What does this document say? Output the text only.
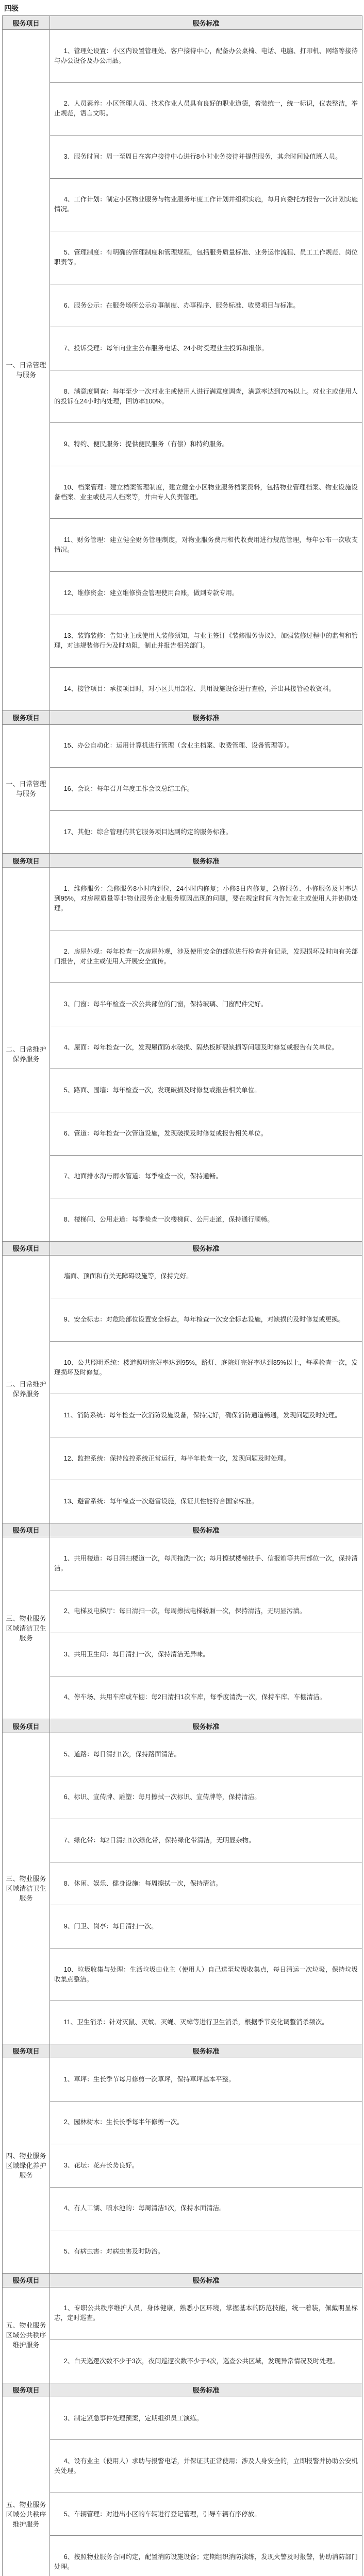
四级
服务项目	服务标准
一、日常管理与服务	1、管理处设置：小区内设置管理处、客户接待中心，配备办公桌椅、电话、电脑、打印机、网络等接待与办公设备及办公用品。
	2、人员素养：小区管理人员、技术作业人员具有良好的职业道德，着装统一，统一标识，仪表整洁，举止规范，语言文明。
	3、服务时间：周一至周日在客户接待中心进行8小时业务接待并提供服务，其余时间设值班人员。
	4、工作计划：制定小区物业服务与物业服务年度工作计划并组织实施，每月向委托方报告一次计划实施情况。
	5、管理制度：有明确的管理制度和管理规程，包括服务质量标准、业务运作流程、员工工作规范、岗位职责等。
	6、服务公示：在服务场所公示办事制度、办事程序、服务标准、收费项目与标准。
	7、投诉受理：每年向业主公布服务电话、24小时受理业主投诉和报修。
	8、满意度调查：每年至少一次对业主或使用人进行满意度调查，满意率达到70%以上。对业主或使用人的投诉在24小时内处理，回访率100%。
	9、特约、便民服务：提供便民服务（有偿）和特约服务。
	10、档案管理：建立档案管理制度，建立健全小区物业服务档案资料，包括物业管理档案、物业设施设备档案、业主或使用人档案等，并由专人负责管理。
	11、财务管理：建立健全财务管理制度，对物业服务费用和代收费用进行规范管理，每年公布一次收支情况。
	12、维修资金：建立维修资金管理使用台账，做到专款专用。
	13、装饰装修：告知业主或使用人装修须知，与业主签订《装修服务协议》，加强装修过程中的监督和管理，对违规装修行为及时劝阻，制止并报告相关部门。
	14、接管项目：承接项目时，对小区共用部位、共用设施设备进行查验，并出具接管验收资料。
服务项目	服务标准
一、日常管理与服务	15、办公自动化：运用计算机进行管理（含业主档案、收费管理、设备管理等）。
	16、会议：每年召开年度工作会议总结工作。
	17、其他：综合管理的其它服务项目达到约定的服务标准。
服务项目	服务标准
二、日常维护保养服务	1、维修服务：急修服务8小时内到位，24小时内修复；小修3日内修复，急修服务、小修服务及时率达到95%，对房屋质量等非物业服务企业服务原因出现的问题，要在规定时间内告知业主或使用人并协助处理。
	2、房屋外观：每年检查一次房屋外观，涉及使用安全的部位进行检查并有记录，发现损坏及时向有关部门报告，对业主或使用人开展安全宣传。
	3、门窗：每半年检查一次公共部位的门窗，保持玻璃、门窗配件完好。
	4、屋面：每年检查一次，发现屋面防水破损、隔热板断裂缺损等问题及时修复或报告有关单位。
	5、路面、围墙：每年检查一次，发现破损及时修复或报告相关单位。
	6、管道：每年检查一次管道设施，发现破损及时修复或报告相关单位。
	7、地面排水沟与雨水管道：每季检查一次，保持通畅。
	8、楼梯间、公用走道：每季检查一次楼梯间、公用走道，保持通行顺畅。
服务项目	服务标准
二、日常维护保养服务	墙面、顶面和有关无障碍设施等，保持完好。
	9、安全标志：对危险部位设置安全标志，每年检查一次安全标志设施，对缺损的及时修复或更换。
	10、公共照明系统：楼道照明完好率达到95%，路灯、庭院灯完好率达到85%以上，每季检查一次，发现损坏及时修复。
	11、消防系统：每年检查一次消防设施设备，保持完好，确保消防通道畅通，发现问题及时处理。
	12、监控系统：保持监控系统正常运行，每半年检查一次，发现问题及时处理。
	13、避雷系统：每年检查一次避雷设施，保证其性能符合国家标准。
服务项目	服务标准
三、物业服务区域清洁卫生服务	1、共用楼道：每日清扫楼道一次，每周拖洗一次；每月擦拭楼梯扶手、信报箱等共用部位一次，保持清洁。
	2、电梯及电梯厅：每日清扫一次，每周擦拭电梯轿厢一次，保持清洁，无明显污渍。
	3、共用卫生间：每日清扫一次，保持清洁无异味。
	4、停车场、共用车库或车棚：每2日清扫1次车库，每季度清洗一次，保持车库、车棚清洁。
服务项目	服务标准
三、物业服务区域清洁卫生服务	5、道路：每日清扫1次，保持路面清洁。
	6、标识、宣传牌、雕塑：每月擦拭一次标识、宣传牌等，保持清洁。
	7、绿化带：每2日清扫1次绿化带，保持绿化带清洁，无明显杂物。
	8、休闲、娱乐、健身设施：每周擦拭一次，保持清洁。
	9、门卫、岗亭：每日清扫一次。
	10、垃圾收集与处理：生活垃圾由业主（使用人）自己送至垃圾收集点，每日清运一次垃圾，保持垃圾收集点整洁。
	11、卫生消杀：针对灭鼠、灭蚊、灭蝇、灭蟑等进行卫生消杀，根据季节变化调整消杀频次。
服务项目	服务标准
四、物业服务区域绿化养护服务	1、草坪：生长季节每月修剪一次草坪，保持草坪基本平整。
	2、园林树木：生长长季每半年修剪一次。
	3、花坛：花卉长势良好。
	4、有人工湖、喷水池的：每周清洁1次，保持水面清洁。
	5、有病虫害：对病虫害及时防治。
服务项目	服务标准
五、物业服务区域公共秩序维护服务	1、专职公共秩序维护人员，身体健康，熟悉小区环境，掌握基本的防范技能，统一着装，佩戴明显标志，定时巡查。
	2、白天巡逻次数不少于3次，夜间巡逻次数不少于4次，巡查公共区域，发现异常情况及时处理。
服务项目	服务标准
五、物业服务区域公共秩序维护服务	3、制定紧急事件处理预案，定期组织员工演练。
	4、设有业主（使用人）求助与报警电话，并保证其正常使用；涉及人身安全的，立即报警并协助公安机关处理。
	5、车辆管理：对进出小区的车辆进行登记管理，引导车辆有序停放。
	6、按照物业服务合同约定，配置消防设施设备；定期组织消防演练，发现火警及时报警，协助消防部门处理。
